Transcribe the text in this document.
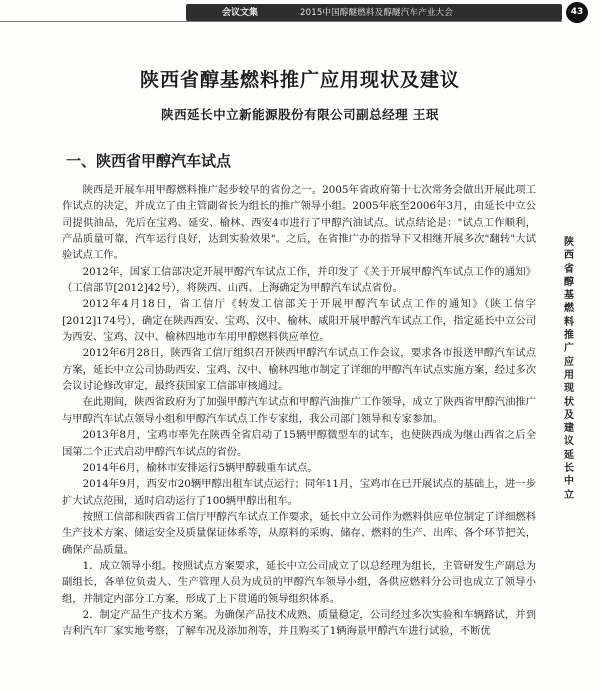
会议文集	2015中国醇醚燃料及醇醚汽车产业大会	43
陕西省醇基燃料推广应用现状及建议
陕西延长中立新能源股份有限公司副总经理 王珉
一、陕西省甲醇汽车试点

陕西是开展车用甲醇燃料推广起步较早的省份之一。2005年省政府第十七次常务会做出开展此项工作试点的决定，并成立了由主管副省长为组长的推广领导小组。2005年底至2006年3月，由延长中立公司提供油品，先后在宝鸡、延安、榆林、西安4市进行了甲醇汽油试点。试点结论是："试点工作顺利，产品质量可靠，汽车运行良好，达到实验效果"。之后，在省推广办的指导下又相继开展多次"翻转"大试验试点工作。

2012年，国家工信部决定开展甲醇汽车试点工作，并印发了《关于开展甲醇汽车试点工作的通知》（工信部节[2012]42号），将陕西、山西、上海确定为甲醇汽车试点省份。

2012年4月18日，省工信厅《转发工信部关于开展甲醇汽车试点工作的通知》（陕工信字[2012]174号），确定在陕西西安、宝鸡、汉中、榆林、咸阳开展甲醇汽车试点工作，指定延长中立公司为西安、宝鸡、汉中、榆林四地市车用甲醇燃料供应单位。

2012年6月28日，陕西省工信厅组织召开陕西甲醇汽车试点工作会议，要求各市报送甲醇汽车试点方案，延长中立公司协助西安、宝鸡、汉中、榆林四地市制定了详细的甲醇汽车试点实施方案，经过多次会议讨论修改审定，最终获国家工信部审核通过。

在此期间，陕西省政府为了加强甲醇汽车试点和甲醇汽油推广工作领导，成立了陕西省甲醇汽油推广与甲醇汽车试点领导小组和甲醇汽车试点工作专家组，我公司部门领导和专家参加。

2013年8月，宝鸡市率先在陕西全省启动了15辆甲醇微型车的试车，也使陕西成为继山西省之后全国第二个正式启动甲醇汽车试点的省份。

2014年6月，榆林市安排运行5辆甲醇载重车试点。

2014年9月，西安市20辆甲醇出租车试点运行；同年11月，宝鸡市在已开展试点的基础上，进一步扩大试点范围，适时启动运行了100辆甲醇出租车。

按照工信部和陕西省工信厅甲醇汽车试点工作要求，延长中立公司作为燃料供应单位制定了详细燃料生产技术方案、储运安全及质量保证体系等，从原料的采购、储存、燃料的生产、出库、各个环节把关，确保产品质量。

1．成立领导小组。按照试点方案要求，延长中立公司成立了以总经理为组长，主管研发生产副总为副组长，各单位负责人、生产管理人员为成员的甲醇汽车领导小组，各供应燃料分公司也成立了领导小组，并制定内部分工方案，形成了上下贯通的领导组织体系。

2．制定产品生产技术方案。为确保产品技术成熟、质量稳定，公司经过多次实验和车辆路试，并到吉利汽车厂家实地考察，了解车况及添加剂等，并且购买了1辆海景甲醇汽车进行试验，不断优

陕西省醇基燃料推广应用现状及建议 延长中立
